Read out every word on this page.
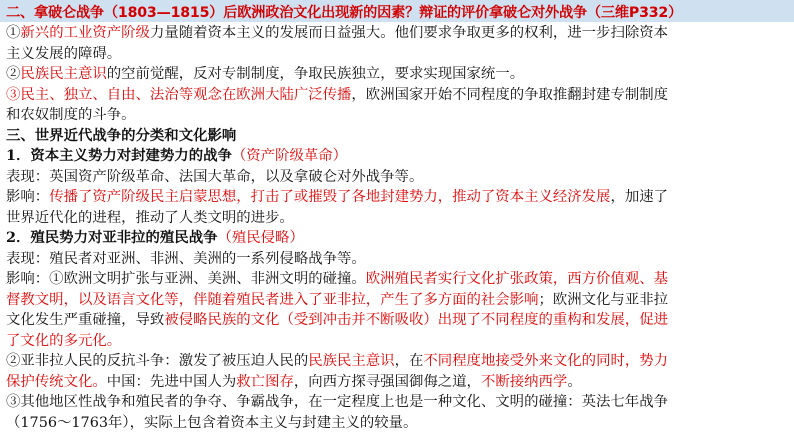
二、拿破仑战争（1803—1815）后欧洲政治文化出现新的因素？辩证的评价拿破仑对外战争（三维P332）
①新兴的工业资产阶级力量随着资本主义的发展而日益强大。他们要求争取更多的权利，进一步扫除资本
主义发展的障碍。
②民族民主意识的空前觉醒，反对专制制度，争取民族独立，要求实现国家统一。
③民主、独立、自由、法治等观念在欧洲大陆广泛传播，欧洲国家开始不同程度的争取推翻封建专制制度
和农奴制度的斗争。
三、世界近代战争的分类和文化影响
1．资本主义势力对封建势力的战争（资产阶级革命）
表现：英国资产阶级革命、法国大革命，以及拿破仑对外战争等。
影响：传播了资产阶级民主启蒙思想，打击了或摧毁了各地封建势力，推动了资本主义经济发展，加速了
世界近代化的进程，推动了人类文明的进步。
2．殖民势力对亚非拉的殖民战争（殖民侵略）
表现：殖民者对亚洲、非洲、美洲的一系列侵略战争等。
影响：①欧洲文明扩张与亚洲、美洲、非洲文明的碰撞。欧洲殖民者实行文化扩张政策，西方价值观、基
督教文明，以及语言文化等，伴随着殖民者进入了亚非拉，产生了多方面的社会影响；欧洲文化与亚非拉
文化发生严重碰撞，导致被侵略民族的文化（受到冲击并不断吸收）出现了不同程度的重构和发展，促进
了文化的多元化。
②亚非拉人民的反抗斗争：激发了被压迫人民的民族民主意识，在不同程度地接受外来文化的同时，势力
保护传统文化。中国：先进中国人为救亡图存，向西方探寻强国御侮之道，不断接纳西学。
③其他地区性战争和殖民者的争夺、争霸战争，在一定程度上也是一种文化、文明的碰撞：英法七年战争
（1756～1763年），实际上包含着资本主义与封建主义的较量。
